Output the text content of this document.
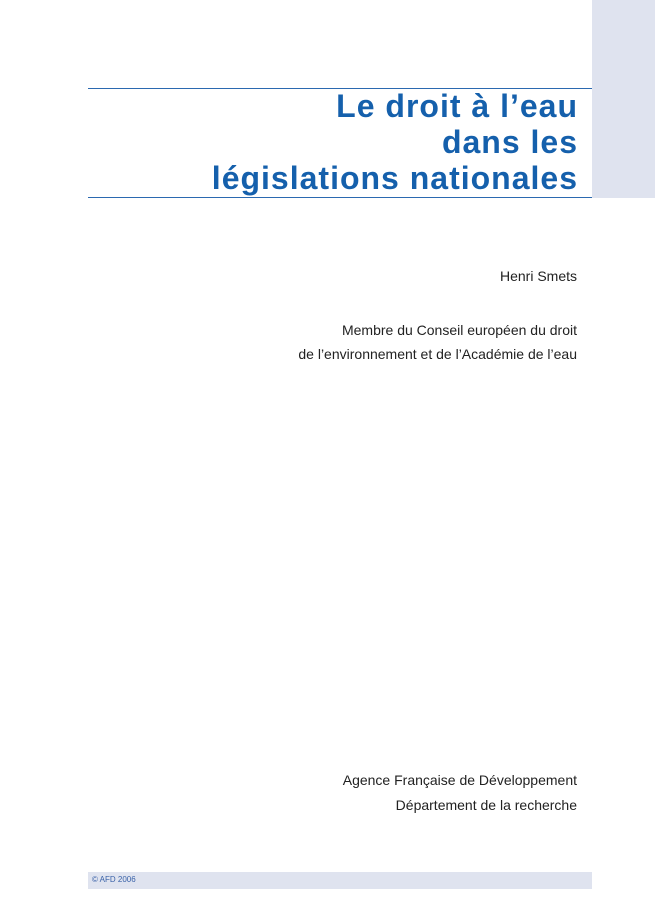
Le droit à l’eau
dans les
législations nationales

Henri Smets

Membre du Conseil européen du droit
de l’environnement et de l’Académie de l’eau

Agence Française de Développement
Département de la recherche

© AFD 2006
